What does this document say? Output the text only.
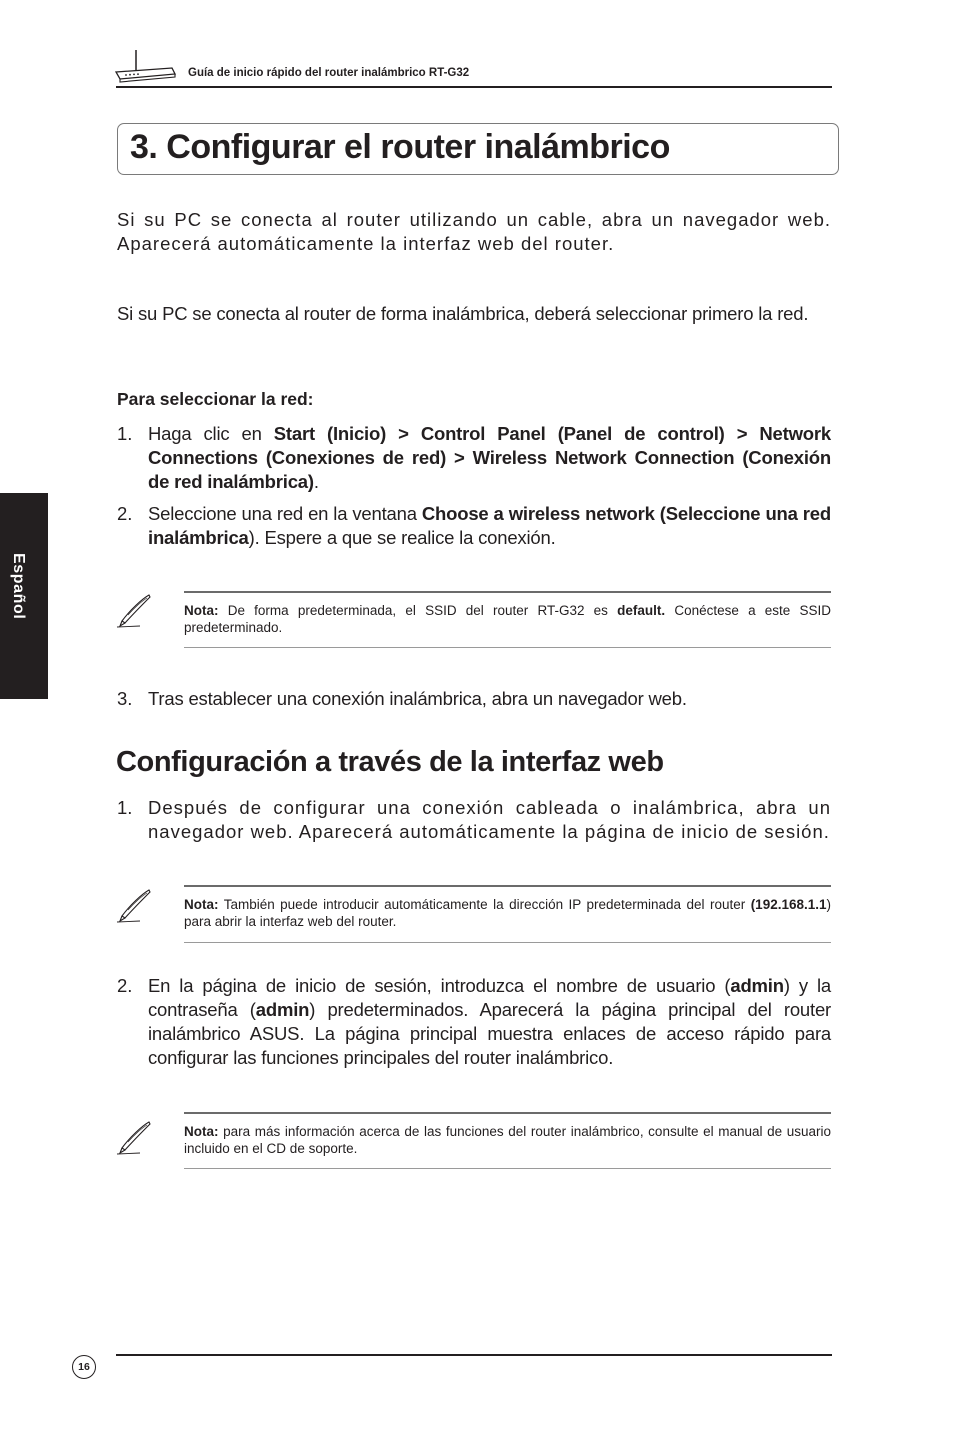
Guía de inicio rápido del router inalámbrico RT-G32
3. Configurar el router inalámbrico
Español
Si su PC se conecta al router utilizando un cable, abra un navegador web. Aparecerá automáticamente la interfaz web del router.
Si su PC se conecta al router de forma inalámbrica, deberá seleccionar primero la red.
Para seleccionar la red:
1. Haga clic en Start (Inicio) > Control Panel (Panel de control) > Network Connections (Conexiones de red) > Wireless Network Connection (Conexión de red inalámbrica).
2. Seleccione una red en la ventana Choose a wireless network (Seleccione una red inalámbrica). Espere a que se realice la conexión.
Nota: De forma predeterminada, el SSID del router RT-G32 es default. Conéctese a este SSID predeterminado.
3. Tras establecer una conexión inalámbrica, abra un navegador web.
Configuración a través de la interfaz web
1. Después de configurar una conexión cableada o inalámbrica, abra un navegador web. Aparecerá automáticamente la página de inicio de sesión.
Nota: También puede introducir automáticamente la dirección IP predeterminada del router (192.168.1.1) para abrir la interfaz web del router.
2. En la página de inicio de sesión, introduzca el nombre de usuario (admin) y la contraseña (admin) predeterminados. Aparecerá la página principal del router inalámbrico ASUS. La página principal muestra enlaces de acceso rápido para configurar las funciones principales del router inalámbrico.
Nota: para más información acerca de las funciones del router inalámbrico, consulte el manual de usuario incluido en el CD de soporte.
16
